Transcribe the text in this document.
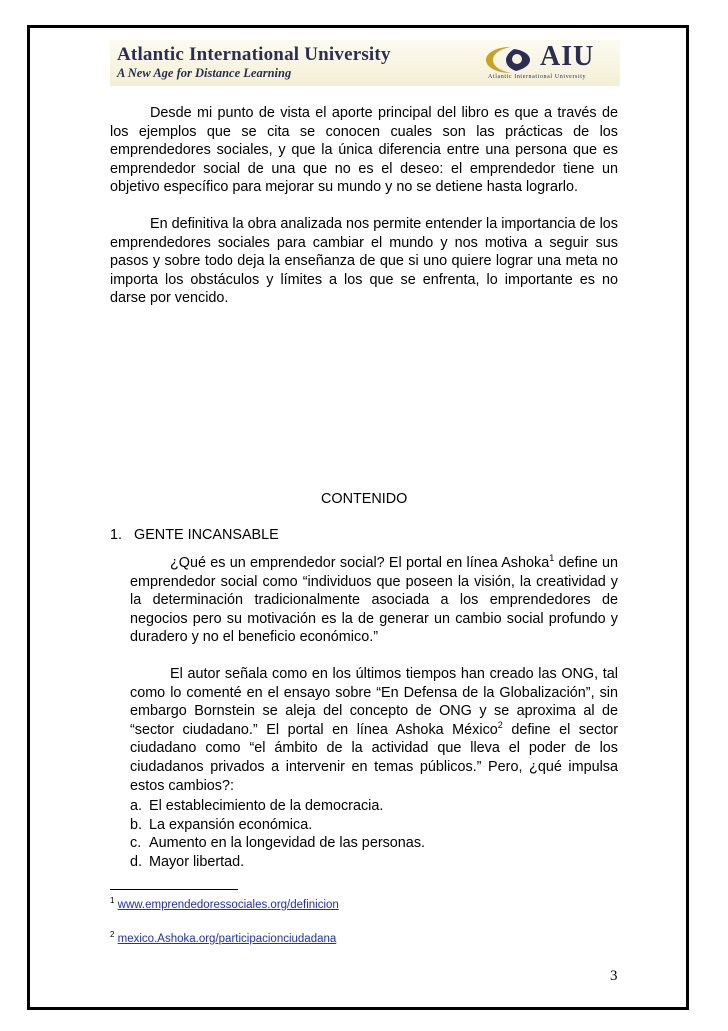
Atlantic International University
A New Age for Distance Learning
AIU
Atlantic International University

Desde mi punto de vista el aporte principal del libro es que a través de los ejemplos que se cita se conocen cuales son las prácticas de los emprendedores sociales, y que la única diferencia entre una persona que es emprendedor social de una que no es el deseo: el emprendedor tiene un objetivo específico para mejorar su mundo y no se detiene hasta lograrlo.

En definitiva la obra analizada nos permite entender la importancia de los emprendedores sociales para cambiar el mundo y nos motiva a seguir sus pasos y sobre todo deja la enseñanza de que si uno quiere lograr una meta no importa los obstáculos y límites a los que se enfrenta, lo importante es no darse por vencido.

CONTENIDO
1. GENTE INCANSABLE

¿Qué es un emprendedor social? El portal en línea Ashoka$^1$ define un emprendedor social como “individuos que poseen la visión, la creatividad y la determinación tradicionalmente asociada a los emprendedores de negocios pero su motivación es la de generar un cambio social profundo y duradero y no el beneficio económico.”

El autor señala como en los últimos tiempos han creado las ONG, tal como lo comenté en el ensayo sobre “En Defensa de la Globalización”, sin embargo Bornstein se aleja del concepto de ONG y se aproxima al de “sector ciudadano.” El portal en línea Ashoka México$^2$ define el sector ciudadano como “el ámbito de la actividad que lleva el poder de los ciudadanos privados a intervenir en temas públicos.” Pero, ¿qué impulsa estos cambios?:

a. El establecimiento de la democracia.
b. La expansión económica.
c. Aumento en la longevidad de las personas.
d. Mayor libertad.
$^1$ www.emprendedoressociales.org/definicion
$^2$ mexico.Ashoka.org/participacionciudadana
3
